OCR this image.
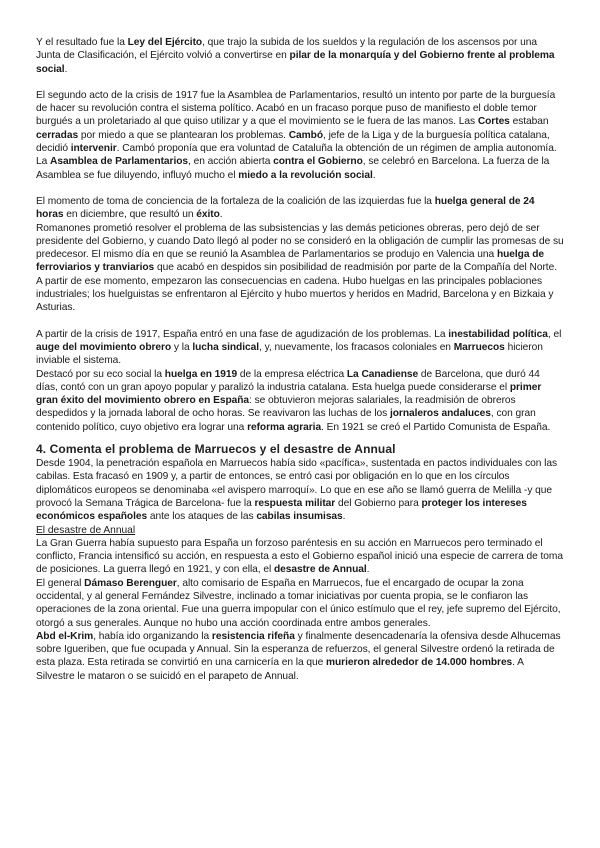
Y el resultado fue la Ley del Ejército, que trajo la subida de los sueldos y la regulación de los ascensos por una Junta de Clasificación, el Ejército volvió a convertirse en pilar de la monarquía y del Gobierno frente al problema social.

El segundo acto de la crisis de 1917 fue la Asamblea de Parlamentarios, resultó un intento por parte de la burguesía de hacer su revolución contra el sistema político. Acabó en un fracaso porque puso de manifiesto el doble temor burgués a un proletariado al que quiso utilizar y a que el movimiento se le fuera de las manos. Las Cortes estaban cerradas por miedo a que se plantearan los problemas. Cambó, jefe de la Liga y de la burguesía política catalana, decidió intervenir. Cambó proponía que era voluntad de Cataluña la obtención de un régimen de amplia autonomía. La Asamblea de Parlamentarios, en acción abierta contra el Gobierno, se celebró en Barcelona. La fuerza de la Asamblea se fue diluyendo, influyó mucho el miedo a la revolución social.

El momento de toma de conciencia de la fortaleza de la coalición de las izquierdas fue la huelga general de 24 horas en diciembre, que resultó un éxito.
Romanones prometió resolver el problema de las subsistencias y las demás peticiones obreras, pero dejó de ser presidente del Gobierno, y cuando Dato llegó al poder no se consideró en la obligación de cumplir las promesas de su predecesor. El mismo día en que se reunió la Asamblea de Parlamentarios se produjo en Valencia una huelga de ferroviarios y tranviarios que acabó en despidos sin posibilidad de readmisión por parte de la Compañía del Norte. A partir de ese momento, empezaron las consecuencias en cadena. Hubo huelgas en las principales poblaciones industriales; los huelguistas se enfrentaron al Ejército y hubo muertos y heridos en Madrid, Barcelona y en Bizkaia y Asturias.

A partir de la crisis de 1917, España entró en una fase de agudización de los problemas. La inestabilidad política, el auge del movimiento obrero y la lucha sindical, y, nuevamente, los fracasos coloniales en Marruecos hicieron inviable el sistema.
Destacó por su eco social la huelga en 1919 de la empresa eléctrica La Canadiense de Barcelona, que duró 44 días, contó con un gran apoyo popular y paralizó la industria catalana. Esta huelga puede considerarse el primer gran éxito del movimiento obrero en España: se obtuvieron mejoras salariales, la readmisión de obreros despedidos y la jornada laboral de ocho horas. Se reavivaron las luchas de los jornaleros andaluces, con gran contenido político, cuyo objetivo era lograr una reforma agraria. En 1921 se creó el Partido Comunista de España.

4. Comenta el problema de Marruecos y el desastre de Annual

Desde 1904, la penetración española en Marruecos había sido «pacífica», sustentada en pactos individuales con las cabilas. Esta fracasó en 1909 y, a partir de entonces, se entró casi por obligación en lo que en los círculos diplomáticos europeos se denominaba «el avispero marroquí». Lo que en ese año se llamó guerra de Melilla -y que provocó la Semana Trágica de Barcelona- fue la respuesta militar del Gobierno para proteger los intereses económicos españoles ante los ataques de las cabilas insumisas.

El desastre de Annual

La Gran Guerra había supuesto para España un forzoso paréntesis en su acción en Marruecos pero terminado el conflicto, Francia intensificó su acción, en respuesta a esto el Gobierno español inició una especie de carrera de toma de posiciones. La guerra llegó en 1921, y con ella, el desastre de Annual.
El general Dámaso Berenguer, alto comisario de España en Marruecos, fue el encargado de ocupar la zona occidental, y al general Fernández Silvestre, inclinado a tomar iniciativas por cuenta propia, se le confiaron las operaciones de la zona oriental. Fue una guerra impopular con el único estímulo que el rey, jefe supremo del Ejército, otorgó a sus generales. Aunque no hubo una acción coordinada entre ambos generales.
Abd el-Krim, había ido organizando la resistencia rifeña y finalmente desencadenaría la ofensiva desde Alhucemas sobre Igueriben, que fue ocupada y Annual. Sin la esperanza de refuerzos, el general Silvestre ordenó la retirada de esta plaza. Esta retirada se convirtió en una carnicería en la que murieron alrededor de 14.000 hombres. A Silvestre le mataron o se suicidó en el parapeto de Annual.
